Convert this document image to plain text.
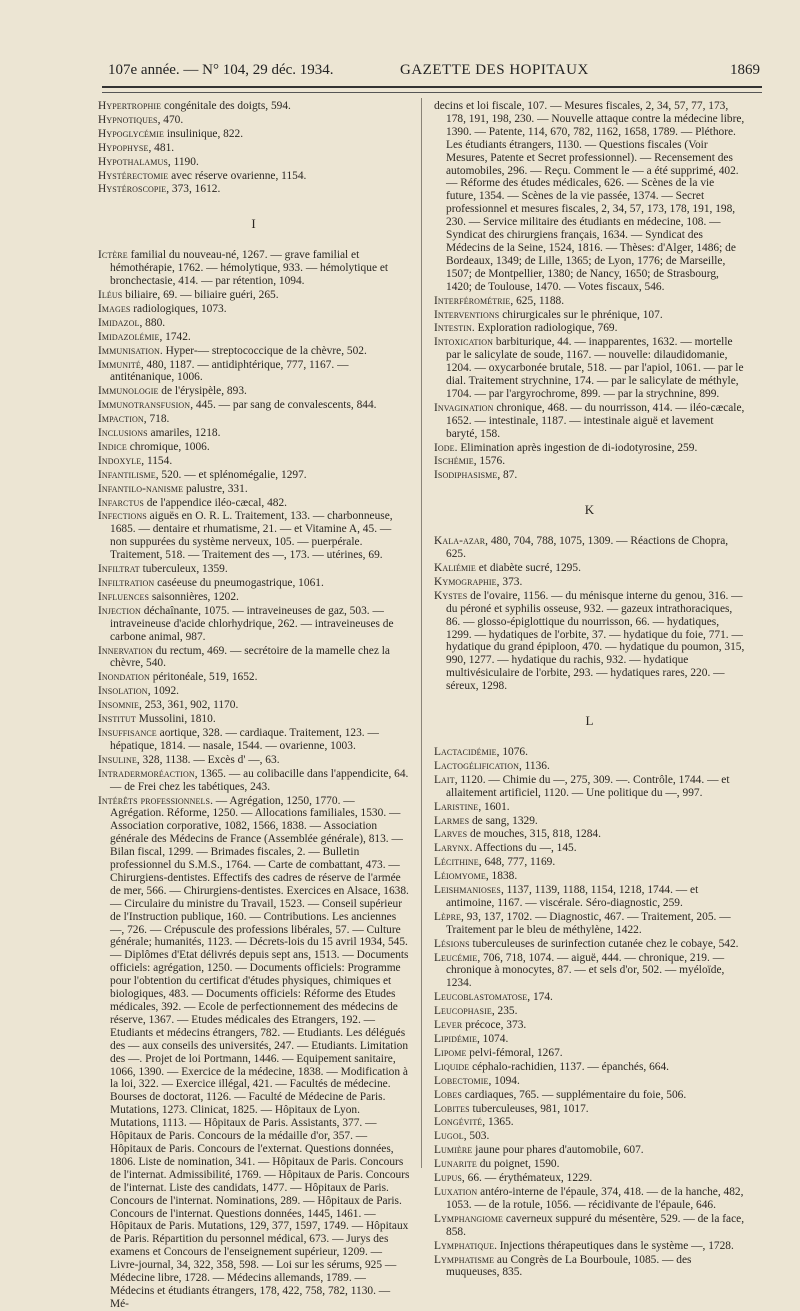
107e année. — N° 104, 29 déc. 1934.	GAZETTE DES HOPITAUX	1869
Hypertrophie congénitale des doigts, 594.
Hypnotiques, 470.
Hypoglycémie insulinique, 822.
Hypophyse, 481.
Hypothalamus, 1190.
Hystérectomie avec réserve ovarienne, 1154.
Hystéroscopie, 373, 1612.
I
Ictère familial du nouveau-né, 1267. — grave familial et hémothérapie, 1762. — hémolytique, 933. — hémolytique et bronchectasie, 414. — par rétention, 1094.
Iléus biliaire, 69. — biliaire guéri, 265.
Images radiologiques, 1073.
Imidazol, 880.
Imidazolémie, 1742.
Immunisation. Hyper-— streptococcique de la chèvre, 502.
Immunité, 480, 1187. — antidiphtérique, 777, 1167. — antiténanique, 1006.
Immunologie de l'érysipèle, 893.
Immunotransfusion, 445. — par sang de convalescents, 844.
Impaction, 718.
Inclusions amariles, 1218.
Indice chromique, 1006.
Indoxyle, 1154.
Infantilisme, 520. — et splénomégalie, 1297.
Infantilo-nanisme palustre, 331.
Infarctus de l'appendice iléo-cæcal, 482.
Infections aiguës en O. R. L. Traitement, 133. — charbonneuse, 1685. — dentaire et rhumatisme, 21. — et Vitamine A, 45. — non suppurées du système nerveux, 105. — puerpérale. Traitement, 518. — Traitement des —, 173. — utérines, 69.
Infiltrat tuberculeux, 1359.
Infiltration caséeuse du pneumogastrique, 1061.
Influences saisonnières, 1202.
Injection déchaînante, 1075. — intraveineuses de gaz, 503. — intraveineuse d'acide chlorhydrique, 262. — intraveineuses de carbone animal, 987.
Innervation du rectum, 469. — secrétoire de la mamelle chez la chèvre, 540.
Inondation péritonéale, 519, 1652.
Insolation, 1092.
Insomnie, 253, 361, 902, 1170.
Institut Mussolini, 1810.
Insuffisance aortique, 328. — cardiaque. Traitement, 123. — hépatique, 1814. — nasale, 1544. — ovarienne, 1003.
Insuline, 328, 1138. — Excès d' —, 63.
Intradermoréaction, 1365. — au colibacille dans l'appendicite, 64. — de Frei chez les tabétiques, 243.
Intérêts professionnels. — Agrégation, 1250, 1770. — Agrégation. Réforme, 1250. — Allocations familiales, 1530. — Association corporative, 1082, 1566, 1838. — Association générale des Médecins de France (Assemblée générale), 813. — Bilan fiscal, 1299. — Brimades fiscales, 2. — Bulletin professionnel du S.M.S., 1764. — Carte de combattant, 473. — Chirurgiens-dentistes. Effectifs des cadres de réserve de l'armée de mer, 566. — Chirurgiens-dentistes. Exercices en Alsace, 1638. — Circulaire du ministre du Travail, 1523. — Conseil supérieur de l'Instruction publique, 160. — Contributions. Les anciennes —, 726. — Crépuscule des professions libérales, 57. — Culture générale; humanités, 1123. — Décrets-lois du 15 avril 1934, 545. — Diplômes d'Etat délivrés depuis sept ans, 1513. — Documents officiels: agrégation, 1250. — Documents officiels: Programme pour l'obtention du certificat d'études physiques, chimiques et biologiques, 483. — Documents officiels: Réforme des Etudes médicales, 392. — Ecole de perfectionnement des médecins de réserve, 1367. — Etudes médicales des Etrangers, 192. — Etudiants et médecins étrangers, 782. — Etudiants. Les délégués des — aux conseils des universités, 247. — Etudiants. Limitation des —. Projet de loi Portmann, 1446. — Equipement sanitaire, 1066, 1390. — Exercice de la médecine, 1838. — Modification à la loi, 322. — Exercice illégal, 421. — Facultés de médecine. Bourses de doctorat, 1126. — Faculté de Médecine de Paris. Mutations, 1273. Clinicat, 1825. — Hôpitaux de Lyon. Mutations, 1113. — Hôpitaux de Paris. Assistants, 377. — Hôpitaux de Paris. Concours de la médaille d'or, 357. — Hôpitaux de Paris. Concours de l'externat. Questions données, 1806. Liste de nomination, 341. — Hôpitaux de Paris. Concours de l'internat. Admissibilité, 1769. — Hôpitaux de Paris. Concours de l'internat. Liste des candidats, 1477. — Hôpitaux de Paris. Concours de l'internat. Nominations, 289. — Hôpitaux de Paris. Concours de l'internat. Questions données, 1445, 1461. — Hôpitaux de Paris. Mutations, 129, 377, 1597, 1749. — Hôpitaux de Paris. Répartition du personnel médical, 673. — Jurys des examens et Concours de l'enseignement supérieur, 1209. — Livre-journal, 34, 322, 358, 598. — Loi sur les sérums, 925 — Médecine libre, 1728. — Médecins allemands, 1789. — Médecins et étudiants étrangers, 178, 422, 758, 782, 1130. — Mé-
decins et loi fiscale, 107. — Mesures fiscales, 2, 34, 57, 77, 173, 178, 191, 198, 230. — Nouvelle attaque contre la médecine libre, 1390. — Patente, 114, 670, 782, 1162, 1658, 1789. — Pléthore. Les étudiants étrangers, 1130. — Questions fiscales (Voir Mesures, Patente et Secret professionnel). — Recensement des automobiles, 296. — Reçu. Comment le — a été supprimé, 402. — Réforme des études médicales, 626. — Scènes de la vie future, 1354. — Scènes de la vie passée, 1374. — Secret professionnel et mesures fiscales, 2, 34, 57, 173, 178, 191, 198, 230. — Service militaire des étudiants en médecine, 108. — Syndicat des chirurgiens français, 1634. — Syndicat des Médecins de la Seine, 1524, 1816. — Thèses: d'Alger, 1486; de Bordeaux, 1349; de Lille, 1365; de Lyon, 1776; de Marseille, 1507; de Montpellier, 1380; de Nancy, 1650; de Strasbourg, 1420; de Toulouse, 1470. — Votes fiscaux, 546.
Interférométrie, 625, 1188.
Interventions chirurgicales sur le phrénique, 107.
Intestin. Exploration radiologique, 769.
Intoxication barbiturique, 44. — inapparentes, 1632. — mortelle par le salicylate de soude, 1167. — nouvelle: dilaudidomanie, 1204. — oxycarbonée brutale, 518. — par l'apiol, 1061. — par le dial. Traitement strychnine, 174. — par le salicylate de méthyle, 1704. — par l'argyrochrome, 899. — par la strychnine, 899.
Invagination chronique, 468. — du nourrisson, 414. — iléo-cæcale, 1652. — intestinale, 1187. — intestinale aiguë et lavement baryté, 158.
Iode. Elimination après ingestion de di-iodotyrosine, 259.
Ischémie, 1576.
Isodiphasisme, 87.
K
Kala-azar, 480, 704, 788, 1075, 1309. — Réactions de Chopra, 625.
Kaliémie et diabète sucré, 1295.
Kymographie, 373.
Kystes de l'ovaire, 1156. — du ménisque interne du genou, 316. — du péroné et syphilis osseuse, 932. — gazeux intrathoraciques, 86. — glosso-épiglottique du nourrisson, 66. — hydatiques, 1299. — hydatiques de l'orbite, 37. — hydatique du foie, 771. — hydatique du grand épiploon, 470. — hydatique du poumon, 315, 990, 1277. — hydatique du rachis, 932. — hydatique multivésiculaire de l'orbite, 293. — hydatiques rares, 220. — séreux, 1298.
L
Lactacidémie, 1076.
Lactogélification, 1136.
Lait, 1120. — Chimie du —, 275, 309. —. Contrôle, 1744. — et allaitement artificiel, 1120. — Une politique du —, 997.
Laristine, 1601.
Larmes de sang, 1329.
Larves de mouches, 315, 818, 1284.
Larynx. Affections du —, 145.
Lécithine, 648, 777, 1169.
Léiomyome, 1838.
Leishmanioses, 1137, 1139, 1188, 1154, 1218, 1744. — et antimoine, 1167. — viscérale. Séro-diagnostic, 259.
Lèpre, 93, 137, 1702. — Diagnostic, 467. — Traitement, 205. — Traitement par le bleu de méthylène, 1422.
Lésions tuberculeuses de surinfection cutanée chez le cobaye, 542.
Leucémie, 706, 718, 1074. — aiguë, 444. — chronique, 219. — chronique à monocytes, 87. — et sels d'or, 502. — myéloïde, 1234.
Leucoblastomatose, 174.
Leucophasie, 235.
Lever précoce, 373.
Lipidémie, 1074.
Lipome pelvi-fémoral, 1267.
Liquide céphalo-rachidien, 1137. — épanchés, 664.
Lobectomie, 1094.
Lobes cardiaques, 765. — supplémentaire du foie, 506.
Lobites tuberculeuses, 981, 1017.
Longévité, 1365.
Lugol, 503.
Lumière jaune pour phares d'automobile, 607.
Lunarite du poignet, 1590.
Lupus, 66. — érythémateux, 1229.
Luxation antéro-interne de l'épaule, 374, 418. — de la hanche, 482, 1053. — de la rotule, 1056. — récidivante de l'épaule, 646.
Lymphangiome caverneux suppuré du mésentère, 529. — de la face, 858.
Lymphatique. Injections thérapeutiques dans le système —, 1728.
Lymphatisme au Congrès de La Bourboule, 1085. — des muqueuses, 835.
